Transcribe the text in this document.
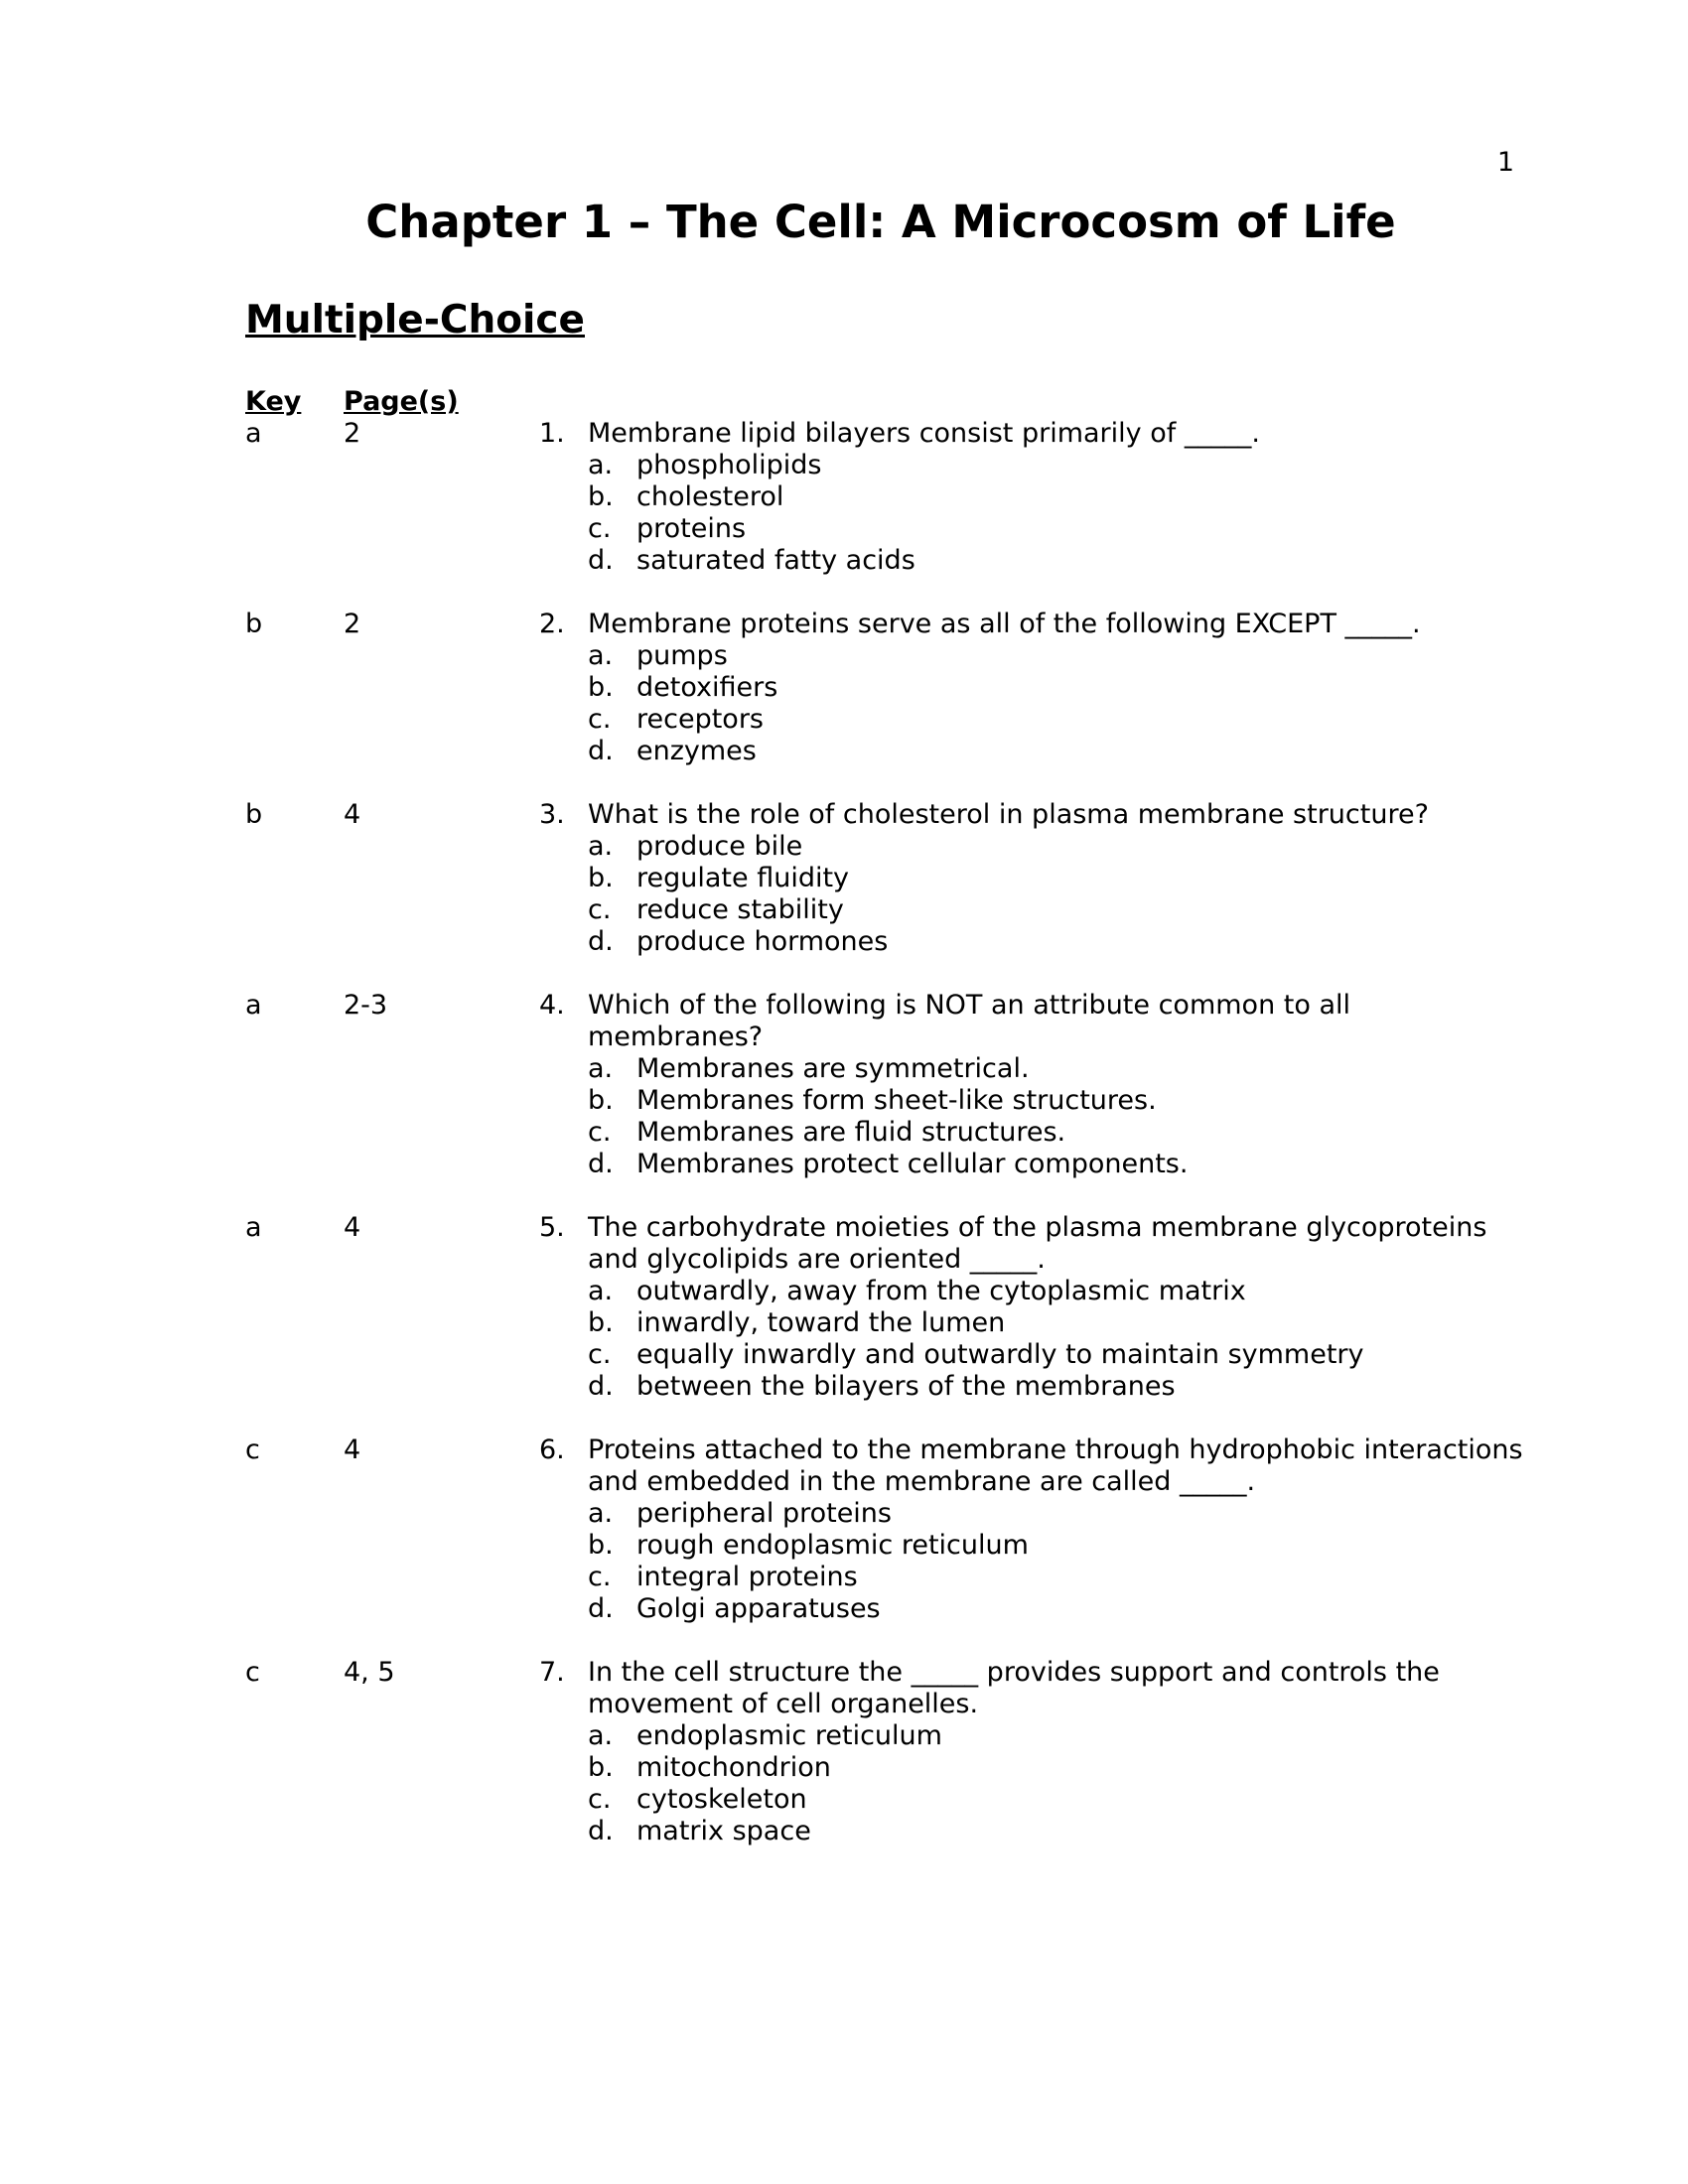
1
Chapter 1 – The Cell: A Microcosm of Life
Multiple-Choice
Key Page(s)
a	2	1. Membrane lipid bilayers consist primarily of _____.
a. phospholipids
b. cholesterol
c. proteins
d. saturated fatty acids
b	2	2. Membrane proteins serve as all of the following EXCEPT _____.
a. pumps
b. detoxifiers
c. receptors
d. enzymes
b	4	3. What is the role of cholesterol in plasma membrane structure?
a. produce bile
b. regulate fluidity
c. reduce stability
d. produce hormones
a	2-3	4. Which of the following is NOT an attribute common to all membranes?
a. Membranes are symmetrical.
b. Membranes form sheet-like structures.
c. Membranes are fluid structures.
d. Membranes protect cellular components.
a	4	5. The carbohydrate moieties of the plasma membrane glycoproteins and glycolipids are oriented _____.
a. outwardly, away from the cytoplasmic matrix
b. inwardly, toward the lumen
c. equally inwardly and outwardly to maintain symmetry
d. between the bilayers of the membranes
c	4	6. Proteins attached to the membrane through hydrophobic interactions and embedded in the membrane are called _____.
a. peripheral proteins
b. rough endoplasmic reticulum
c. integral proteins
d. Golgi apparatuses
c	4, 5	7. In the cell structure the _____ provides support and controls the movement of cell organelles.
a. endoplasmic reticulum
b. mitochondrion
c. cytoskeleton
d. matrix space
